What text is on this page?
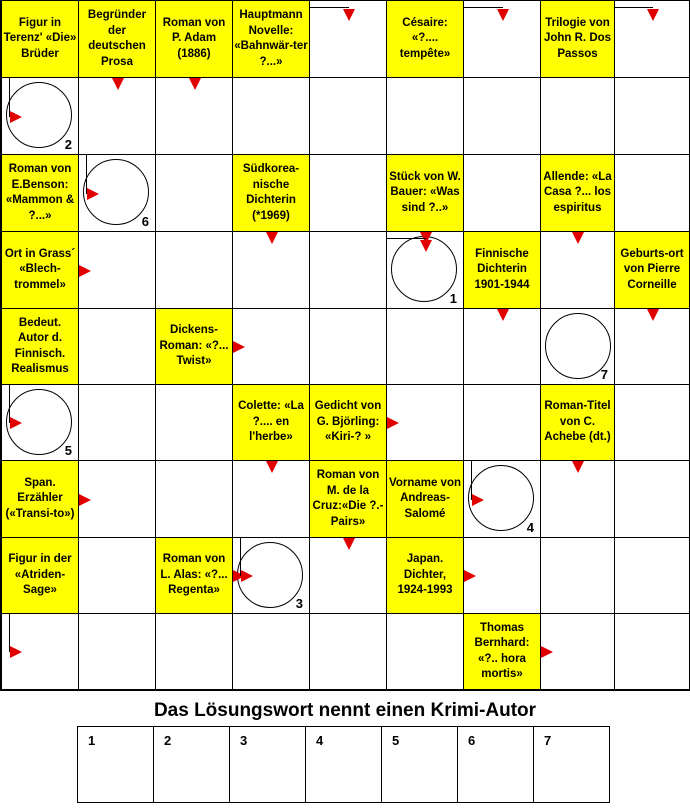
Figur in Terenz' «Die» Brüder
Begründer der deutschen Prosa
Roman von P. Adam (1886)
Hauptmann Novelle: «Bahnwär-ter ?...»
Césaire: «?.... tempête»
Trilogie von John R. Dos Passos
2
Roman von E.Benson: «Mammon & ?...»	6
Südkorea-nische Dichterin (*1969)
Stück von W. Bauer: «Was sind ?..»
Allende: «La Casa ?... los espiritus
Ort in Grass´ «Blech-trommel»
1
Finnische Dichterin 1901-1944
Geburts-ort von Pierre Corneille
Bedeut. Autor d. Finnisch. Realismus
Dickens-Roman: «?... Twist»
7
5
Colette: «La ?.... en l'herbe»
Gedicht von G. Björling: «Kiri-? »
Roman-Titel von C. Achebe (dt.)
Span. Erzähler («Transi-to»)
Roman von M. de la Cruz:«Die ?.-Pairs»
Vorname von Andreas-Salomé
4
Figur in der «Atriden-Sage»
Roman von L. Alas: «?... Regenta»
3
Japan. Dichter, 1924-1993
Thomas Bernhard: «?.. hora mortis»
Das Lösungswort nennt einen Krimi-Autor
1	2	3	4	5	6	7
